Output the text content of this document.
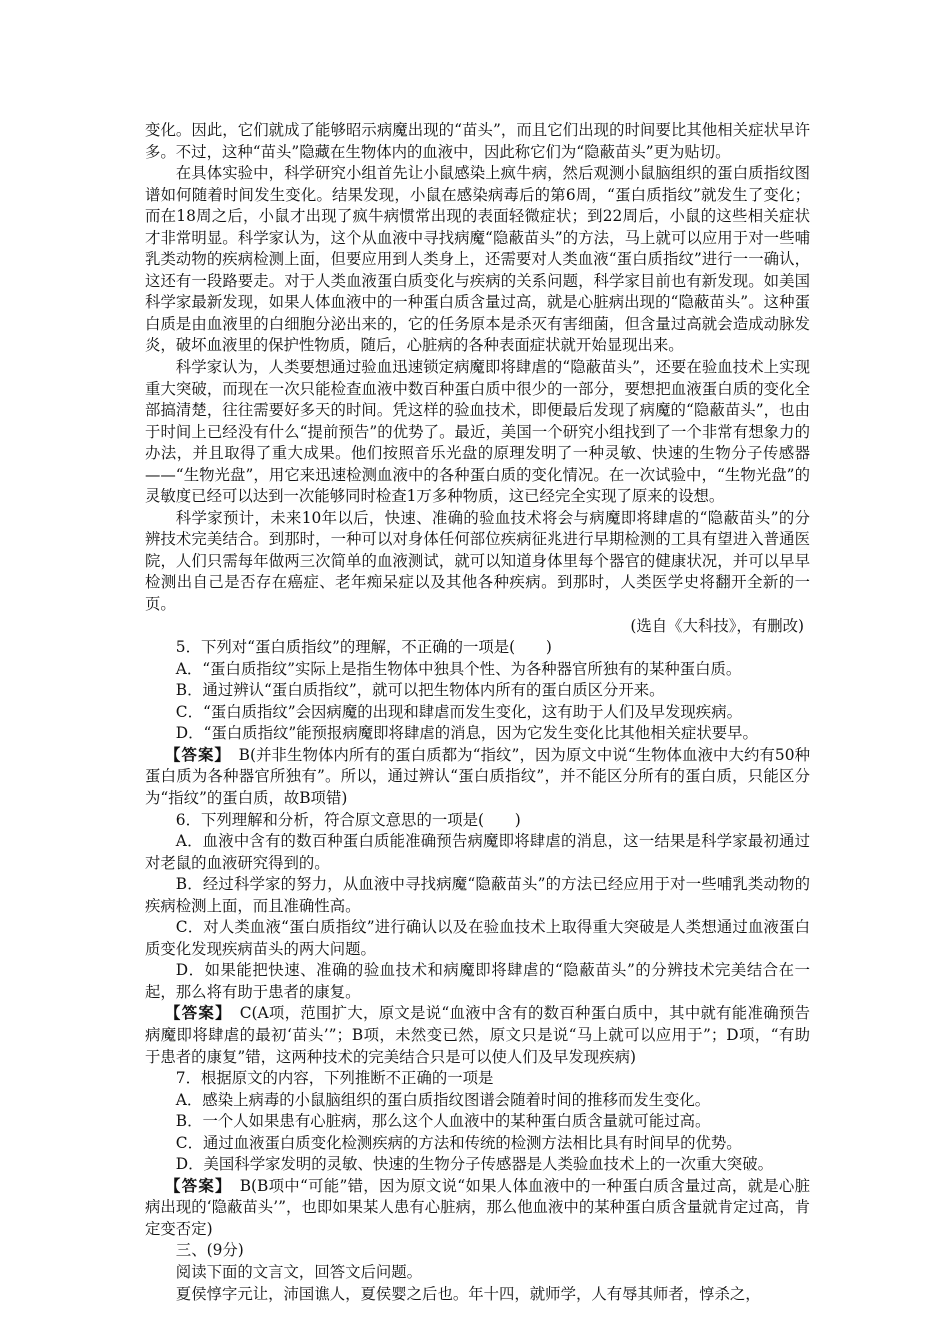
变化。因此，它们就成了能够昭示病魔出现的“苗头”，而且它们出现的时间要比其他相关症状早许多。不过，这种“苗头”隐藏在生物体内的血液中，因此称它们为“隐蔽苗头”更为贴切。

在具体实验中，科学研究小组首先让小鼠感染上疯牛病，然后观测小鼠脑组织的蛋白质指纹图谱如何随着时间发生变化。结果发现，小鼠在感染病毒后的第6周，“蛋白质指纹”就发生了变化；而在18周之后，小鼠才出现了疯牛病惯常出现的表面轻微症状；到22周后，小鼠的这些相关症状才非常明显。科学家认为，这个从血液中寻找病魔“隐蔽苗头”的方法，马上就可以应用于对一些哺乳类动物的疾病检测上面，但要应用到人类身上，还需要对人类血液“蛋白质指纹”进行一一确认，这还有一段路要走。对于人类血液蛋白质变化与疾病的关系问题，科学家目前也有新发现。如美国科学家最新发现，如果人体血液中的一种蛋白质含量过高，就是心脏病出现的“隐蔽苗头”。这种蛋白质是由血液里的白细胞分泌出来的，它的任务原本是杀灭有害细菌，但含量过高就会造成动脉发炎，破坏血液里的保护性物质，随后，心脏病的各种表面症状就开始显现出来。

科学家认为，人类要想通过验血迅速锁定病魔即将肆虐的“隐蔽苗头”，还要在验血技术上实现重大突破，而现在一次只能检查血液中数百种蛋白质中很少的一部分，要想把血液蛋白质的变化全部搞清楚，往往需要好多天的时间。凭这样的验血技术，即便最后发现了病魔的“隐蔽苗头”，也由于时间上已经没有什么“提前预告”的优势了。最近，美国一个研究小组找到了一个非常有想象力的办法，并且取得了重大成果。他们按照音乐光盘的原理发明了一种灵敏、快速的生物分子传感器——“生物光盘”，用它来迅速检测血液中的各种蛋白质的变化情况。在一次试验中，“生物光盘”的灵敏度已经可以达到一次能够同时检查1万多种物质，这已经完全实现了原来的设想。

科学家预计，未来10年以后，快速、准确的验血技术将会与病魔即将肆虐的“隐蔽苗头”的分辨技术完美结合。到那时，一种可以对身体任何部位疾病征兆进行早期检测的工具有望进入普通医院，人们只需每年做两三次简单的血液测试，就可以知道身体里每个器官的健康状况，并可以早早检测出自己是否存在癌症、老年痴呆症以及其他各种疾病。到那时，人类医学史将翻开全新的一页。

(选自《大科技》，有删改)

5．下列对“蛋白质指纹”的理解，不正确的一项是(　　)

A．“蛋白质指纹”实际上是指生物体中独具个性、为各种器官所独有的某种蛋白质。

B．通过辨认“蛋白质指纹”，就可以把生物体内所有的蛋白质区分开来。

C．“蛋白质指纹”会因病魔的出现和肆虐而发生变化，这有助于人们及早发现疾病。

D．“蛋白质指纹”能预报病魔即将肆虐的消息，因为它发生变化比其他相关症状要早。

【答案】　B(并非生物体内所有的蛋白质都为“指纹”，因为原文中说“生物体血液中大约有50种蛋白质为各种器官所独有”。所以，通过辨认“蛋白质指纹”，并不能区分所有的蛋白质，只能区分为“指纹”的蛋白质，故B项错)

6．下列理解和分析，符合原文意思的一项是(　　)

A．血液中含有的数百种蛋白质能准确预告病魔即将肆虐的消息，这一结果是科学家最初通过对老鼠的血液研究得到的。

B．经过科学家的努力，从血液中寻找病魔“隐蔽苗头”的方法已经应用于对一些哺乳类动物的疾病检测上面，而且准确性高。

C．对人类血液“蛋白质指纹”进行确认以及在验血技术上取得重大突破是人类想通过血液蛋白质变化发现疾病苗头的两大问题。

D．如果能把快速、准确的验血技术和病魔即将肆虐的“隐蔽苗头”的分辨技术完美结合在一起，那么将有助于患者的康复。

【答案】　C(A项，范围扩大，原文是说“血液中含有的数百种蛋白质中，其中就有能准确预告病魔即将肆虐的最初‘苗头’”；B项，未然变已然，原文只是说“马上就可以应用于”；D项，“有助于患者的康复”错，这两种技术的完美结合只是可以使人们及早发现疾病)

7．根据原文的内容，下列推断不正确的一项是

A．感染上病毒的小鼠脑组织的蛋白质指纹图谱会随着时间的推移而发生变化。

B．一个人如果患有心脏病，那么这个人血液中的某种蛋白质含量就可能过高。

C．通过血液蛋白质变化检测疾病的方法和传统的检测方法相比具有时间早的优势。

D．美国科学家发明的灵敏、快速的生物分子传感器是人类验血技术上的一次重大突破。

【答案】　B(B项中“可能”错，因为原文说“如果人体血液中的一种蛋白质含量过高，就是心脏病出现的‘隐蔽苗头’”，也即如果某人患有心脏病，那么他血液中的某种蛋白质含量就肯定过高，肯定变否定)

三、(9分)

阅读下面的文言文，回答文后问题。

夏侯惇字元让，沛国谯人，夏侯婴之后也。年十四，就师学，人有辱其师者，惇杀之，
